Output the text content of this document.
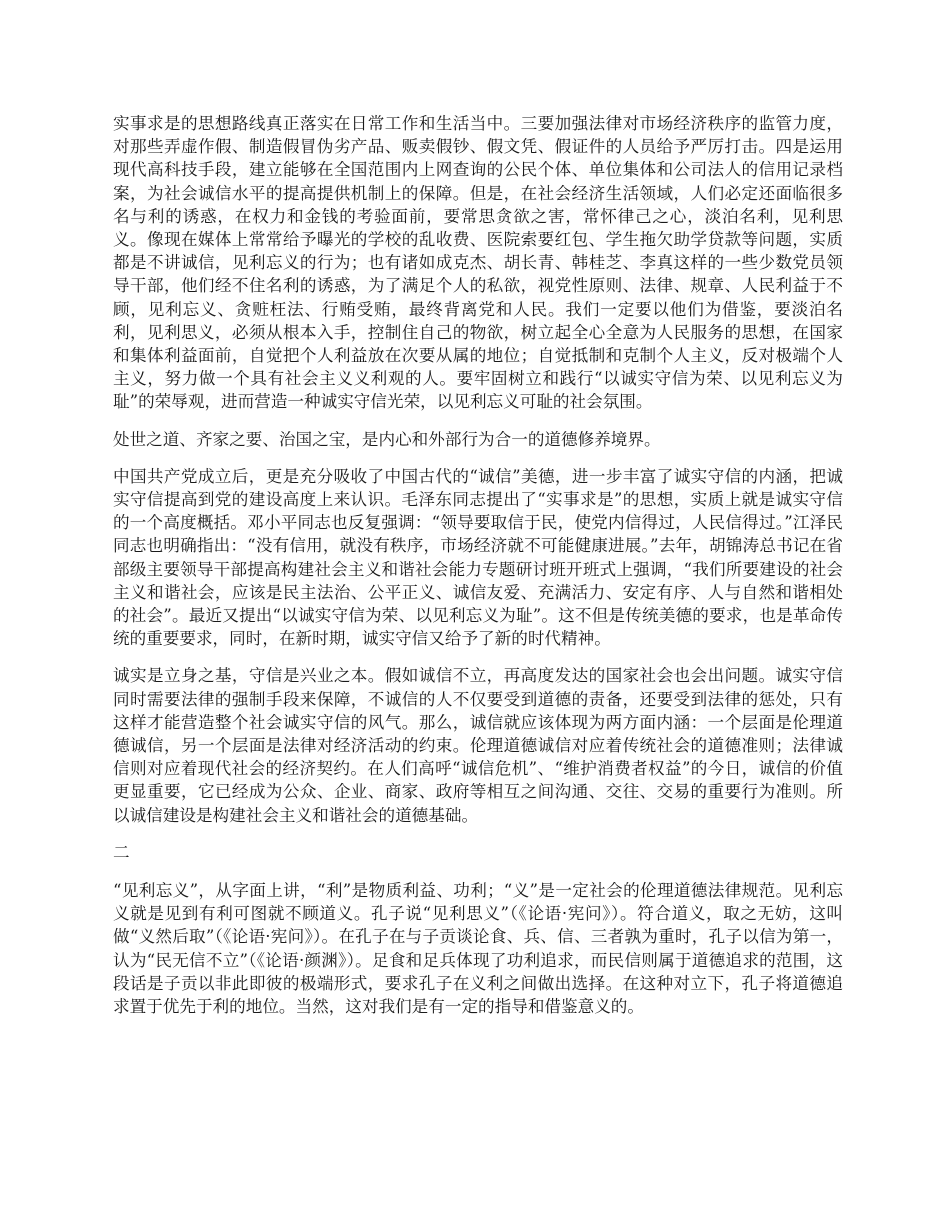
实事求是的思想路线真正落实在日常工作和生活当中。三要加强法律对市场经济秩序的监管力度，对那些弄虚作假、制造假冒伪劣产品、贩卖假钞、假文凭、假证件的人员给予严厉打击。四是运用现代高科技手段，建立能够在全国范围内上网查询的公民个体、单位集体和公司法人的信用记录档案，为社会诚信水平的提高提供机制上的保障。但是，在社会经济生活领域，人们必定还面临很多名与利的诱惑，在权力和金钱的考验面前，要常思贪欲之害，常怀律己之心，淡泊名利，见利思义。像现在媒体上常常给予曝光的学校的乱收费、医院索要红包、学生拖欠助学贷款等问题，实质都是不讲诚信，见利忘义的行为；也有诸如成克杰、胡长青、韩桂芝、李真这样的一些少数党员领导干部，他们经不住名利的诱惑，为了满足个人的私欲，视党性原则、法律、规章、人民利益于不顾，见利忘义、贪赃枉法、行贿受贿，最终背离党和人民。我们一定要以他们为借鉴，要淡泊名利，见利思义，必须从根本入手，控制住自己的物欲，树立起全心全意为人民服务的思想，在国家和集体利益面前，自觉把个人利益放在次要从属的地位；自觉抵制和克制个人主义，反对极端个人主义，努力做一个具有社会主义义利观的人。要牢固树立和践行“以诚实守信为荣、以见利忘义为耻”的荣辱观，进而营造一种诚实守信光荣，以见利忘义可耻的社会氛围。

处世之道、齐家之要、治国之宝，是内心和外部行为合一的道德修养境界。

中国共产党成立后，更是充分吸收了中国古代的“诚信”美德，进一步丰富了诚实守信的内涵，把诚实守信提高到党的建设高度上来认识。毛泽东同志提出了“实事求是”的思想，实质上就是诚实守信的一个高度概括。邓小平同志也反复强调：“领导要取信于民，使党内信得过，人民信得过。”江泽民同志也明确指出：“没有信用，就没有秩序，市场经济就不可能健康进展。”去年，胡锦涛总书记在省部级主要领导干部提高构建社会主义和谐社会能力专题研讨班开班式上强调，“我们所要建设的社会主义和谐社会，应该是民主法治、公平正义、诚信友爱、充满活力、安定有序、人与自然和谐相处的社会”。最近又提出“以诚实守信为荣、以见利忘义为耻”。这不但是传统美德的要求，也是革命传统的重要要求，同时，在新时期，诚实守信又给予了新的时代精神。

诚实是立身之基，守信是兴业之本。假如诚信不立，再高度发达的国家社会也会出问题。诚实守信同时需要法律的强制手段来保障，不诚信的人不仅要受到道德的责备，还要受到法律的惩处，只有这样才能营造整个社会诚实守信的风气。那么，诚信就应该体现为两方面内涵：一个层面是伦理道德诚信，另一个层面是法律对经济活动的约束。伦理道德诚信对应着传统社会的道德准则；法律诚信则对应着现代社会的经济契约。在人们高呼“诚信危机”、“维护消费者权益”的今日，诚信的价值更显重要，它已经成为公众、企业、商家、政府等相互之间沟通、交往、交易的重要行为准则。所以诚信建设是构建社会主义和谐社会的道德基础。

二

“见利忘义”，从字面上讲，“利”是物质利益、功利；“义”是一定社会的伦理道德法律规范。见利忘义就是见到有利可图就不顾道义。孔子说“见利思义”（《论语·宪问》）。符合道义，取之无妨，这叫做“义然后取”（《论语·宪问》）。在孔子在与子贡谈论食、兵、信、三者孰为重时，孔子以信为第一，认为“民无信不立”（《论语·颜渊》）。足食和足兵体现了功利追求，而民信则属于道德追求的范围，这段话是子贡以非此即彼的极端形式，要求孔子在义利之间做出选择。在这种对立下，孔子将道德追求置于优先于利的地位。当然，这对我们是有一定的指导和借鉴意义的。
